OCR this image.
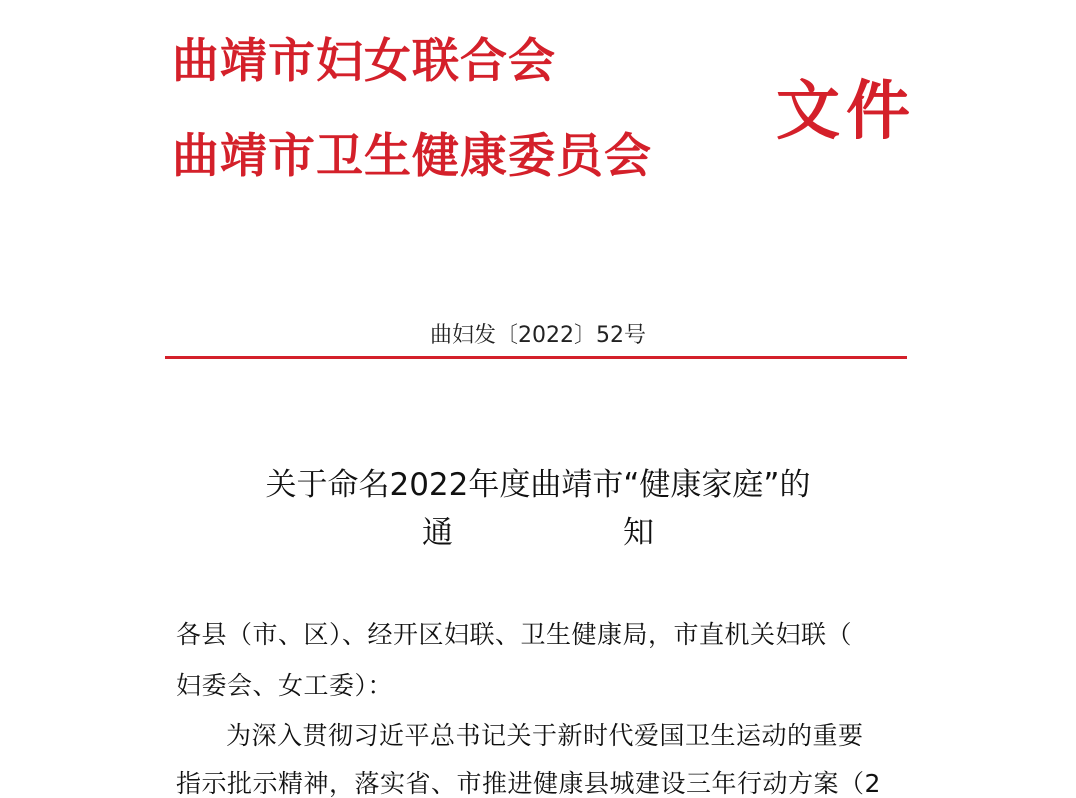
曲靖市妇女联合会
曲靖市卫生健康委员会
文件
曲妇发〔2022〕52号
关于命名2022年度曲靖市“健康家庭”的
通	知
各县（市、区）、经开区妇联、卫生健康局，市直机关妇联（
妇委会、女工委）：
为深入贯彻习近平总书记关于新时代爱国卫生运动的重要
指示批示精神，落实省、市推进健康县城建设三年行动方案（2
